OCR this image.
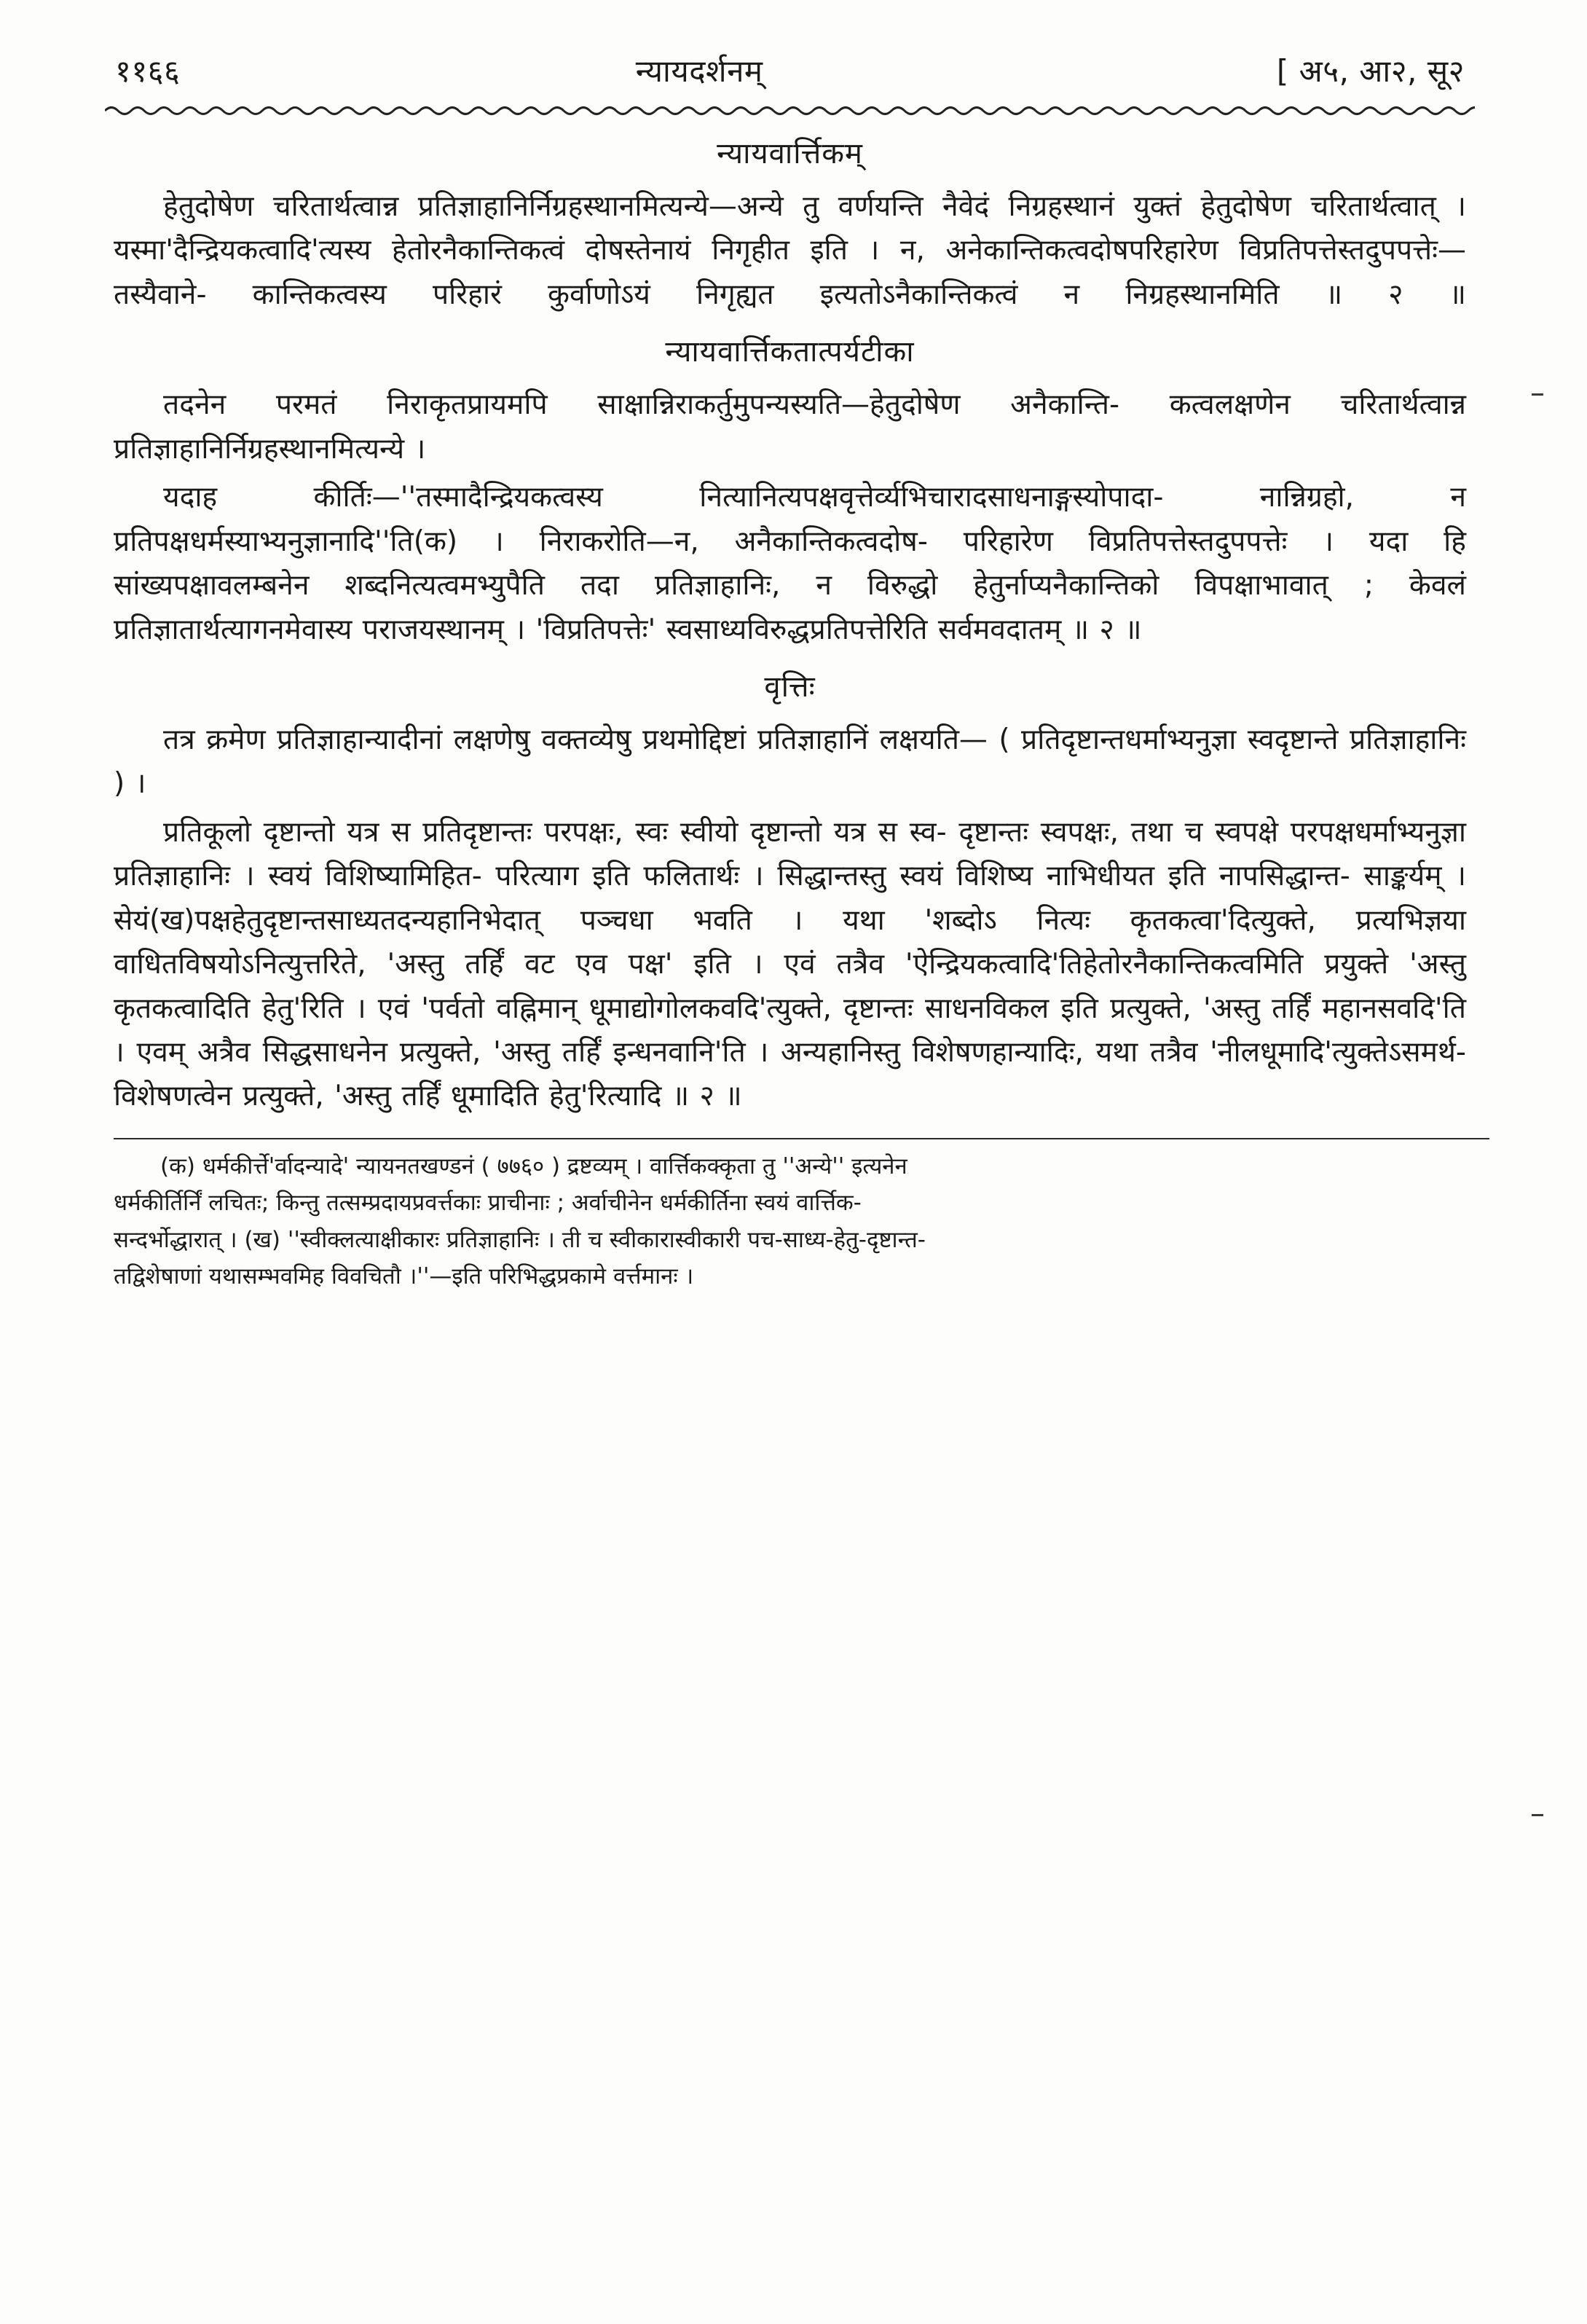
११६६	न्यायदर्शनम्	[ अ५, आ२, सू२
न्यायवार्त्तिकम्

हेतुदोषेण चरितार्थत्वान्न प्रतिज्ञाहानिर्निग्रहस्थानमित्यन्ये—अन्ये तु वर्णयन्ति नैवेदं निग्रहस्थानं युक्तं हेतुदोषेण चरितार्थत्वात् । यस्मा'दैन्द्रियकत्वादि'त्यस्य हेतोरनैकान्तिकत्वं दोषस्तेनायं निगृहीत इति । न, अनेकान्तिकत्वदोषपरिहारेण विप्रतिपत्तेस्तदुपपत्तेः—तस्यैवाने- कान्तिकत्वस्य परिहारं कुर्वाणोऽयं निगृह्यत इत्यतोऽनैकान्तिकत्वं न निग्रहस्थानमिति ॥ २ ॥

न्यायवार्त्तिकतात्पर्यटीका

तदनेन परमतं निराकृतप्रायमपि साक्षान्निराकर्तुमुपन्यस्यति—हेतुदोषेण अनैकान्ति- कत्वलक्षणेन चरितार्थत्वान्न प्रतिज्ञाहानिर्निग्रहस्थानमित्यन्ये ।

यदाह कीर्तिः—''तस्मादैन्द्रियकत्वस्य नित्यानित्यपक्षवृत्तेर्व्यभिचारादसाधनाङ्गस्योपादा- नान्निग्रहो, न प्रतिपक्षधर्मस्याभ्यनुज्ञानादि''ति(क) । निराकरोति—न, अनैकान्तिकत्वदोष- परिहारेण विप्रतिपत्तेस्तदुपपत्तेः । यदा हि सांख्यपक्षावलम्बनेन शब्दनित्यत्वमभ्युपैति तदा प्रतिज्ञाहानिः, न विरुद्धो हेतुर्नाप्यनैकान्तिको विपक्षाभावात् ; केवलं प्रतिज्ञातार्थत्यागनमेवास्य पराजयस्थानम् । 'विप्रतिपत्तेः' स्वसाध्यविरुद्धप्रतिपत्तेरिति सर्वमवदातम् ॥ २ ॥

वृत्तिः

तत्र क्रमेण प्रतिज्ञाहान्यादीनां लक्षणेषु वक्तव्येषु प्रथमोद्दिष्टां प्रतिज्ञाहानिं लक्षयति— ( प्रतिदृष्टान्तधर्माभ्यनुज्ञा स्वदृष्टान्ते प्रतिज्ञाहानिः ) ।

प्रतिकूलो दृष्टान्तो यत्र स प्रतिदृष्टान्तः परपक्षः, स्वः स्वीयो दृष्टान्तो यत्र स स्व- दृष्टान्तः स्वपक्षः, तथा च स्वपक्षे परपक्षधर्माभ्यनुज्ञा प्रतिज्ञाहानिः । स्वयं विशिष्यामिहित- परित्याग इति फलितार्थः । सिद्धान्तस्तु स्वयं विशिष्य नाभिधीयत इति नापसिद्धान्त- साङ्कर्यम् । सेयं(ख)पक्षहेतुदृष्टान्तसाध्यतदन्यहानिभेदात् पञ्चधा भवति । यथा 'शब्दोऽ नित्यः कृतकत्वा'दित्युक्ते, प्रत्यभिज्ञया वाधितविषयोऽनित्युत्तरिते, 'अस्तु तर्हिं वट एव पक्ष' इति । एवं तत्रैव 'ऐन्द्रियकत्वादि'तिहेतोरनैकान्तिकत्वमिति प्रयुक्ते 'अस्तु कृतकत्वादिति हेतु'रिति । एवं 'पर्वतो वह्निमान् धूमाद्योगोलकवदि'त्युक्ते, दृष्टान्तः साधनविकल इति प्रत्युक्ते, 'अस्तु तर्हिं महानसवदि'ति । एवम् अत्रैव सिद्धसाधनेन प्रत्युक्ते, 'अस्तु तर्हिं इन्धनवानि'ति । अन्यहानिस्तु विशेषणहान्यादिः, यथा तत्रैव 'नीलधूमादि'त्युक्तेऽसमर्थ- विशेषणत्वेन प्रत्युक्ते, 'अस्तु तर्हिं धूमादिति हेतु'रित्यादि ॥ २ ॥

(क) धर्मकीर्त्ते'र्वादन्यादे' न्यायनतखण्डनं ( ७७६० ) द्रष्टव्यम् । वार्त्तिकक्कृता तु ''अन्ये'' इत्यनेन

धर्मकीर्तिर्निं लचितः; किन्तु तत्सम्प्रदायप्रवर्त्तकाः प्राचीनाः ; अर्वाचीनेन धर्मकीर्तिना स्वयं वार्त्तिक-

सन्दर्भोद्धारात् । (ख) ''स्वीक्लत्याक्षीकारः प्रतिज्ञाहानिः । ती च स्वीकारास्वीकारी पच-साध्य-हेतु-दृष्टान्त-

तद्विशेषाणां यथासम्भवमिह विवचितौ ।''—इति परिभिद्धप्रकामे वर्त्तमानः ।
